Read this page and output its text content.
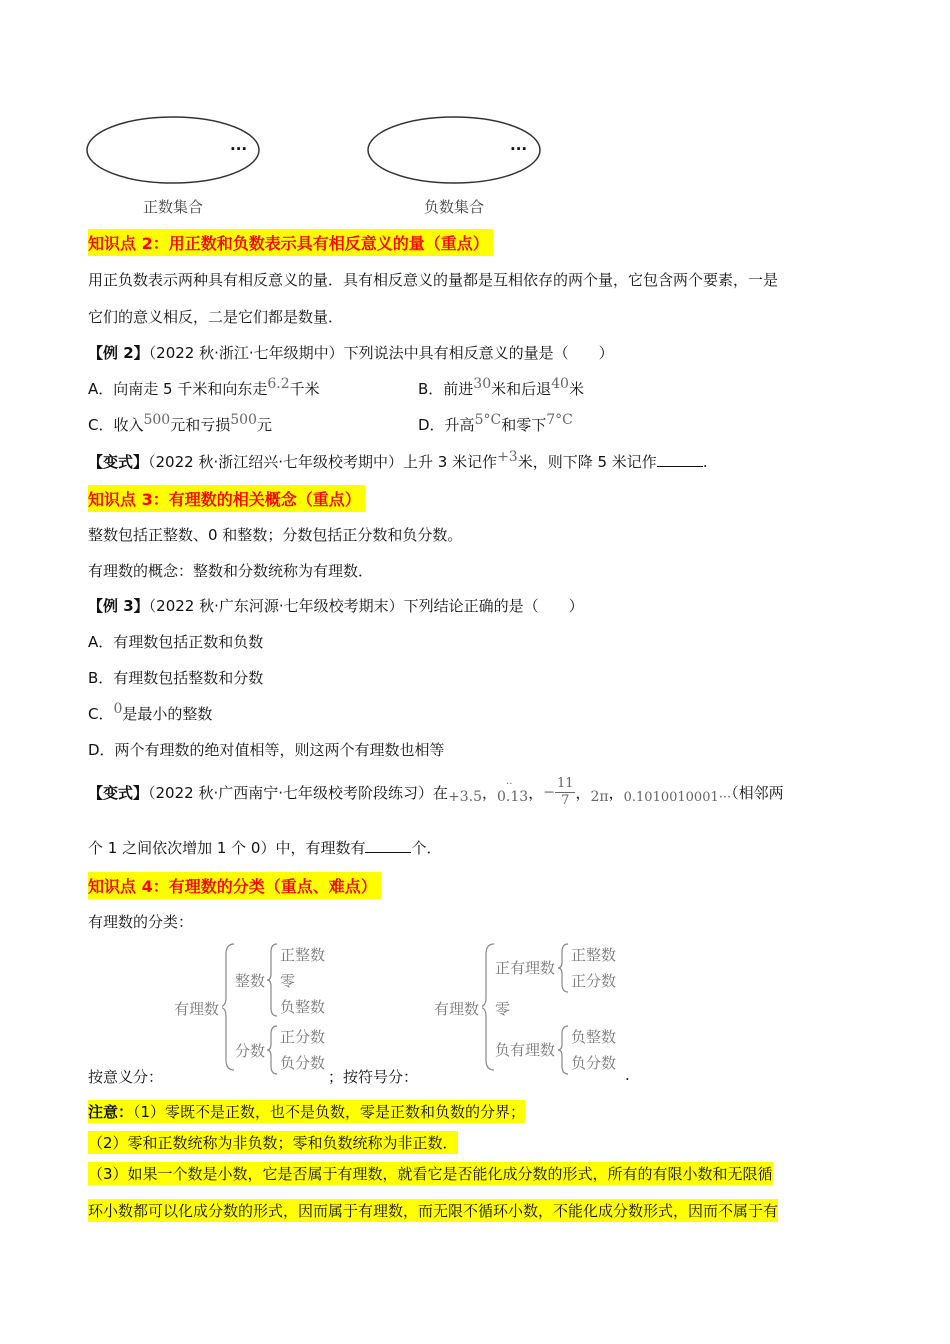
···
正数集合
···
负数集合
知识点 2：用正数和负数表示具有相反意义的量（重点）
用正负数表示两种具有相反意义的量．具有相反意义的量都是互相依存的两个量，它包含两个要素，一是
它们的意义相反，二是它们都是数量．
【例 2】（2022 秋·浙江·七年级期中）下列说法中具有相反意义的量是（　　）
A．向南走 5 千米和向东走6.2千米	B．前进30米和后退40米
C．收入500元和亏损500元	D．升高5°C和零下7°C
【变式】（2022 秋·浙江绍兴·七年级校考期中）上升 3 米记作+3米，则下降 5 米记作	.
知识点 3：有理数的相关概念（重点）
整数包括正整数、0 和整数；分数包括正分数和负分数。
有理数的概念：整数和分数统称为有理数．
【例 3】（2022 秋·广东河源·七年级校考期末）下列结论正确的是（　　）
A．有理数包括正数和负数
B．有理数包括整数和分数
C．0是最小的整数
D．两个有理数的绝对值相等，则这两个有理数也相等
【变式】（2022 秋·广西南宁·七年级校考阶段练习）在+3.5，0.13
·· ，− $\frac{11}{7}$ ，2π，0.1010010001···（相邻两
个 1 之间依次增加 1 个 0）中，有理数有	个．
知识点 4：有理数的分类（重点、难点）
有理数的分类：
有理数
整数
正整数
零
负整数
分数
正分数
负分数
按意义分：	；按符号分：
有理数
正有理数
正整数
正分数
零
负有理数
负整数
负分数
.
注意：（1）零既不是正数，也不是负数，零是正数和负数的分界；
（2）零和正数统称为非负数；零和负数统称为非正数．
（3）如果一个数是小数，它是否属于有理数，就看它是否能化成分数的形式，所有的有限小数和无限循
环小数都可以化成分数的形式，因而属于有理数，而无限不循环小数，不能化成分数形式，因而不属于有
